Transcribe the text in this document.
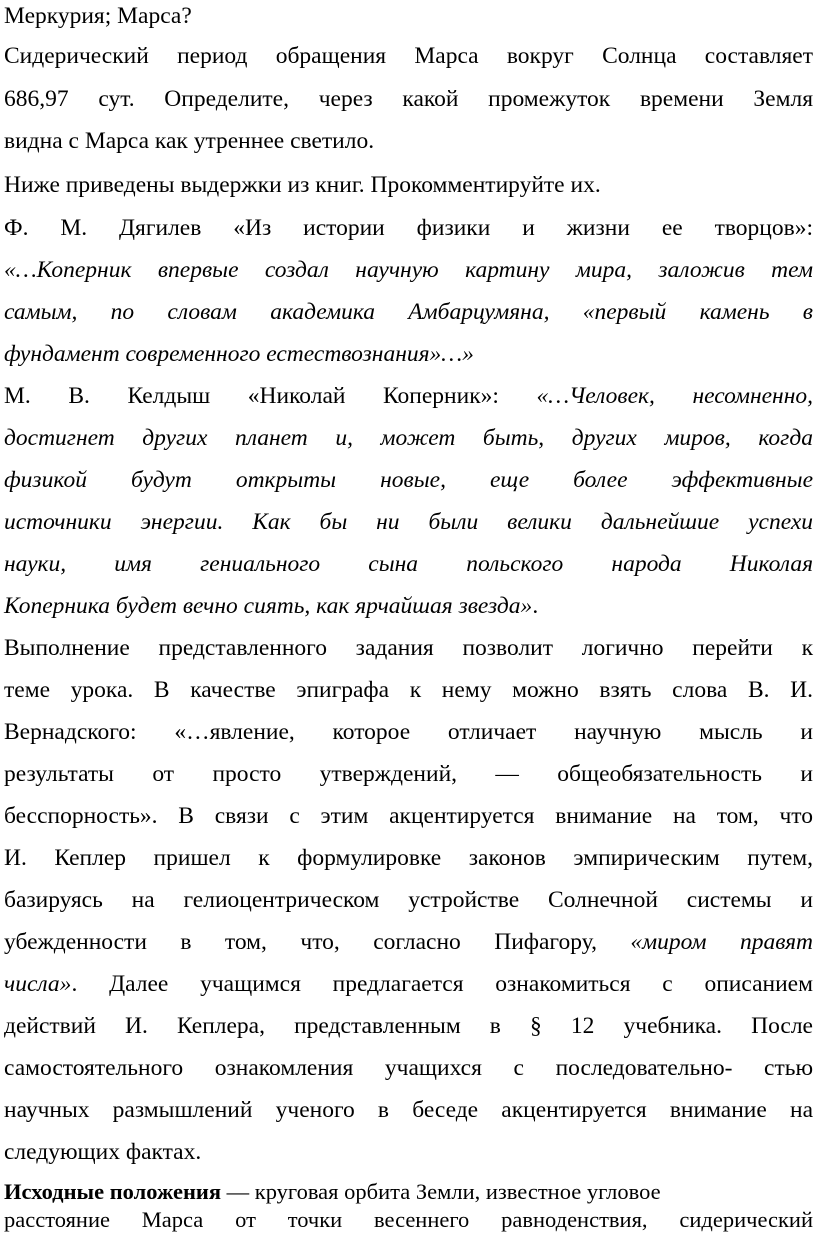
Меркурия; Марса?
Сидерический период обращения Марса вокруг Солнца составляет
686,97 сут. Определите, через какой промежуток времени Земля
видна с Марса как утреннее светило.
Ниже приведены выдержки из книг. Прокомментируйте их.
Ф. М. Дягилев «Из истории физики и жизни ее творцов»:
«…Коперник впервые создал научную картину мира, заложив тем
самым, по словам академика Амбарцумяна, «первый камень в
фундамент современного естествознания»…»
М. В. Келдыш «Николай Коперник»: «…Человек, несомненно,
достигнет других планет и, может быть, других миров, когда
физикой будут открыты новые, еще более эффективные
источники энергии. Как бы ни были велики дальнейшие успехи
науки, имя гениального сына польского народа Николая
Коперника будет вечно сиять, как ярчайшая звезда».
Выполнение представленного задания позволит логично перейти к
теме урока. В качестве эпиграфа к нему можно взять слова В. И.
Вернадского: «…явление, которое отличает научную мысль и
результаты от просто утверждений, — общеобязательность и
бесспорность». В связи с этим акцентируется внимание на том, что
И. Кеплер пришел к формулировке законов эмпирическим путем,
базируясь на гелиоцентрическом устройстве Солнечной системы и
убежденности в том, что, согласно Пифагору, «миром правят
числа». Далее учащимся предлагается ознакомиться с описанием
действий И. Кеплера, представленным в § 12 учебника. После
самостоятельного ознакомления учащихся с последовательно- стью
научных размышлений ученого в беседе акцентируется внимание на
следующих фактах.
Исходные положения — круговая орбита Земли, известное угловое
расстояние Марса от точки весеннего равноденствия, сидерический
